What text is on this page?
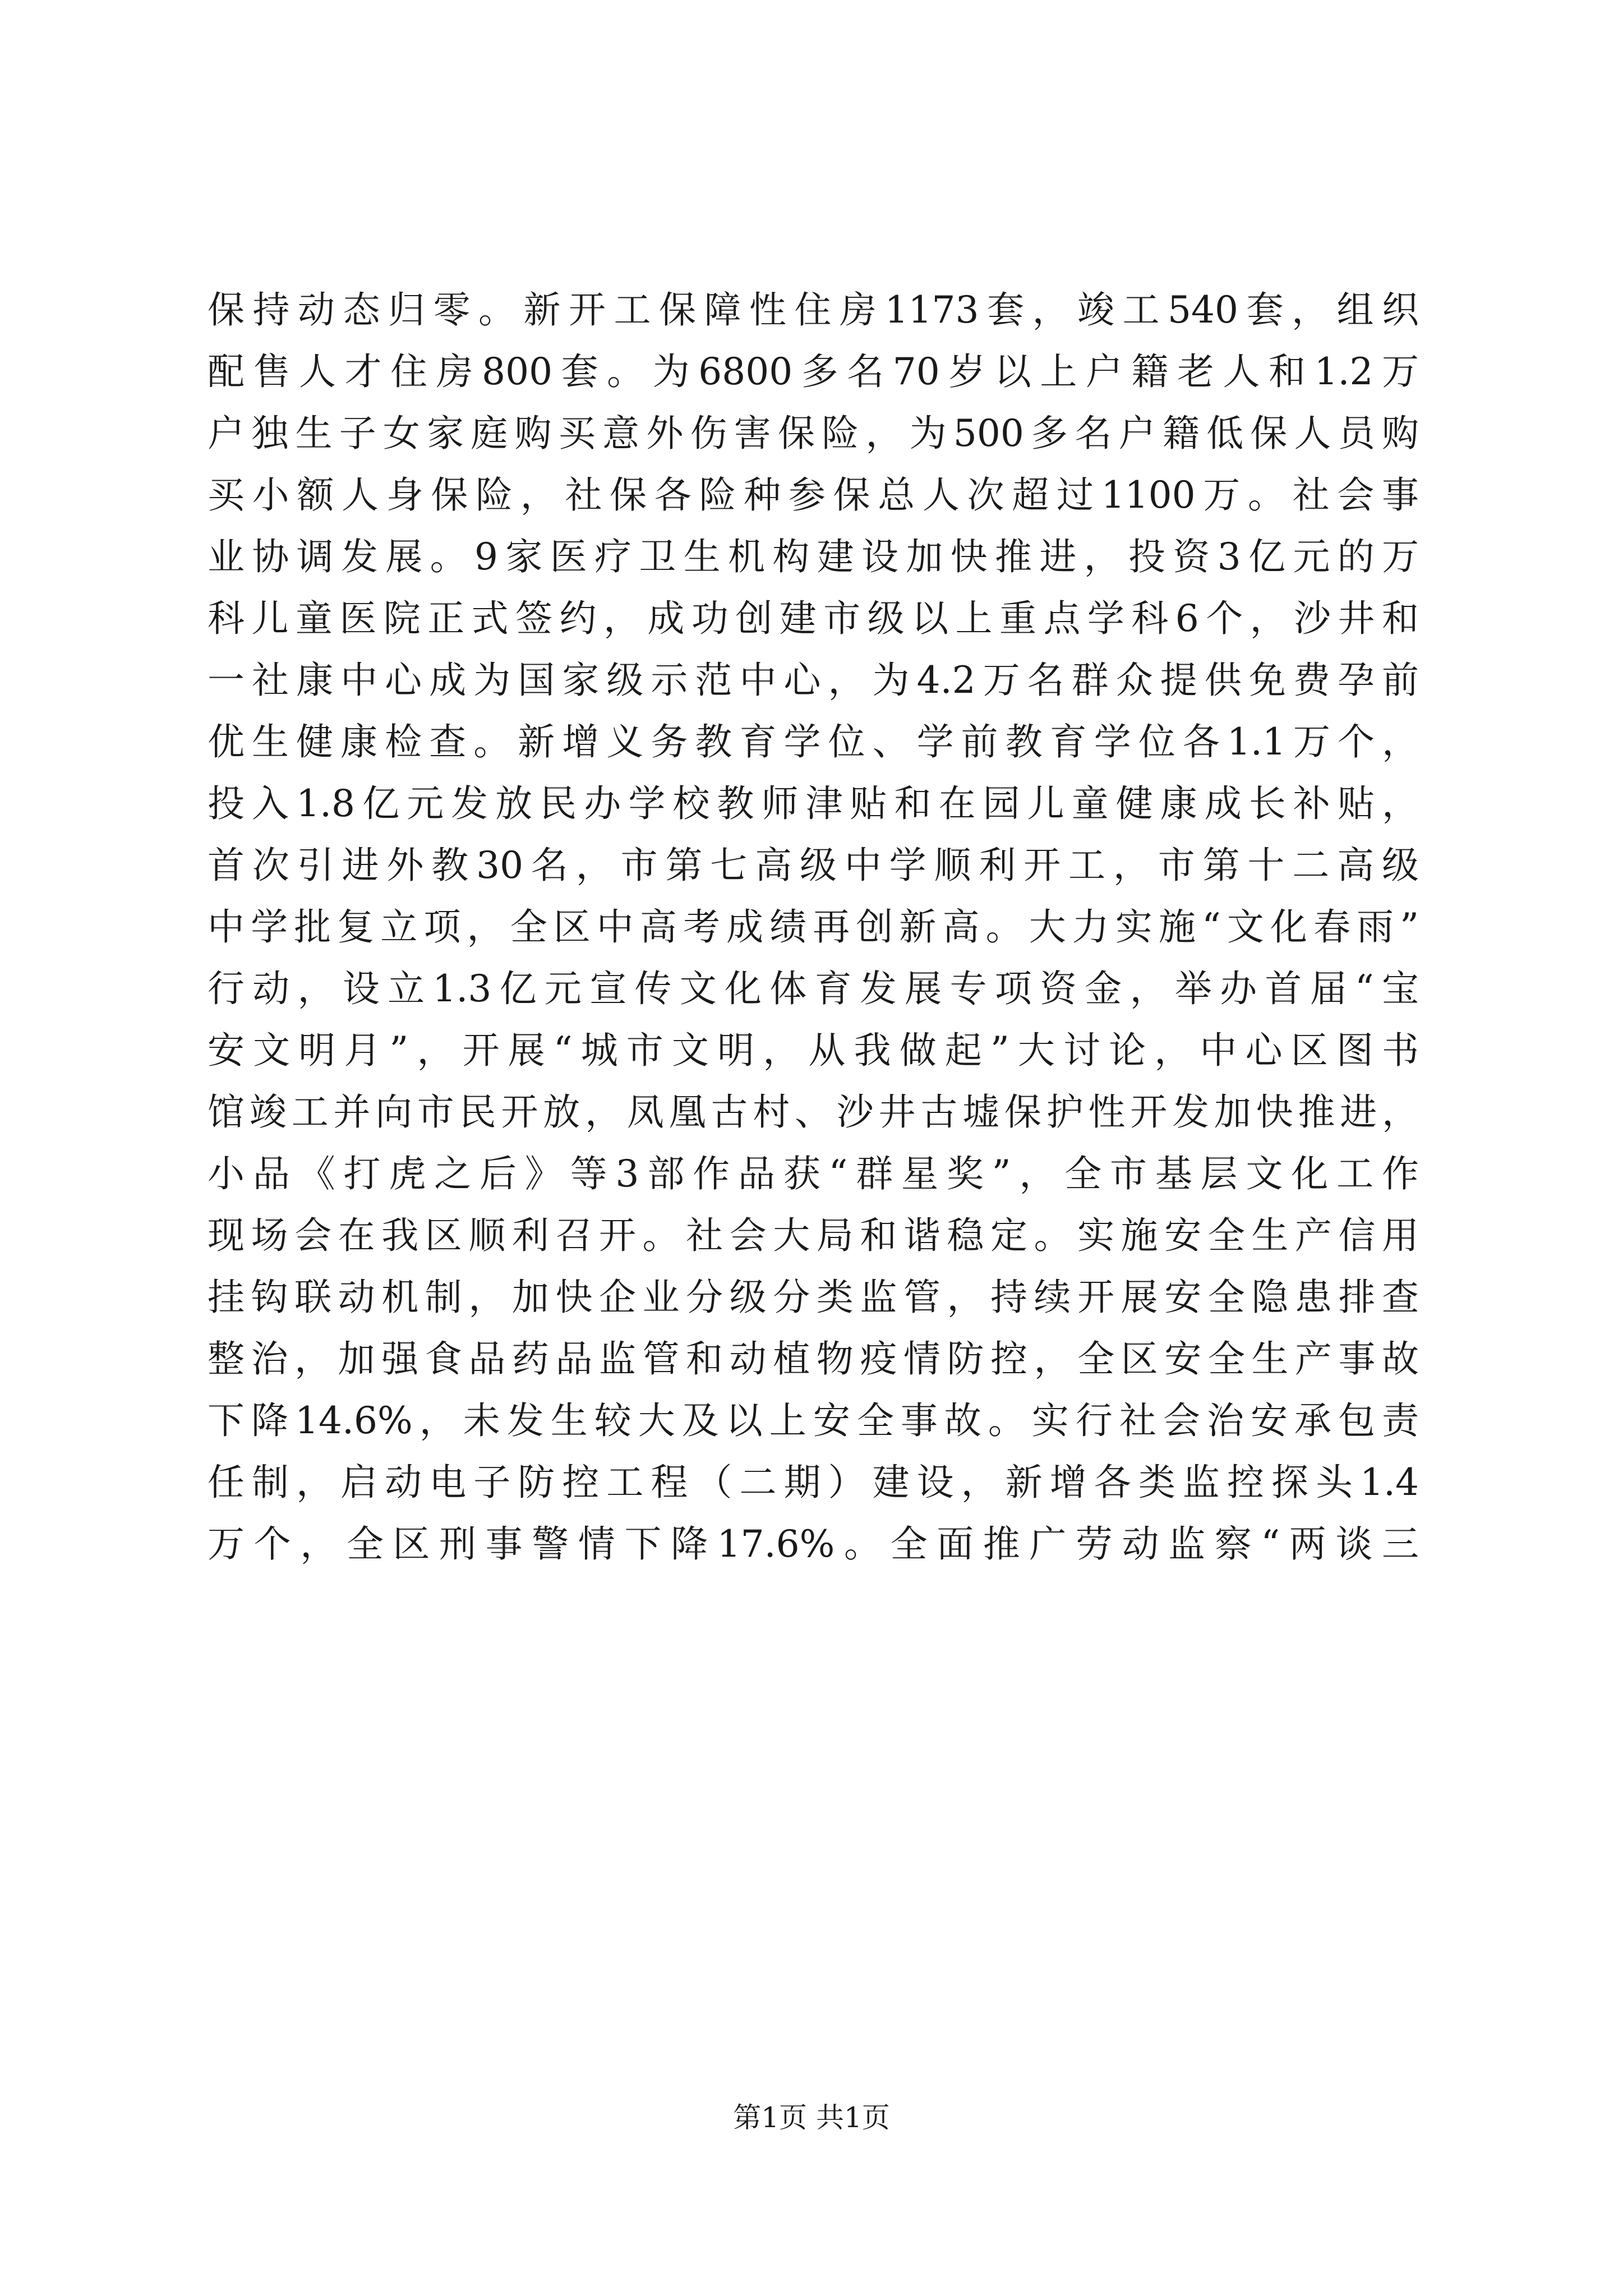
保持动态归零。新开工保障性住房1173套，竣工540套，组织
配售人才住房800套。为6800多名70岁以上户籍老人和1.2万
户独生子女家庭购买意外伤害保险，为500多名户籍低保人员购
买小额人身保险，社保各险种参保总人次超过1100万。社会事
业协调发展。9家医疗卫生机构建设加快推进，投资3亿元的万
科儿童医院正式签约，成功创建市级以上重点学科6个，沙井和
一社康中心成为国家级示范中心，为4.2万名群众提供免费孕前
优生健康检查。新增义务教育学位、学前教育学位各1.1万个，
投入1.8亿元发放民办学校教师津贴和在园儿童健康成长补贴，
首次引进外教30名，市第七高级中学顺利开工，市第十二高级
中学批复立项，全区中高考成绩再创新高。大力实施“文化春雨”
行动，设立1.3亿元宣传文化体育发展专项资金，举办首届“宝
安文明月”，开展“城市文明，从我做起”大讨论，中心区图书
馆竣工并向市民开放，凤凰古村、沙井古墟保护性开发加快推进，
小品《打虎之后》等3部作品获“群星奖”，全市基层文化工作
现场会在我区顺利召开。社会大局和谐稳定。实施安全生产信用
挂钩联动机制，加快企业分级分类监管，持续开展安全隐患排查
整治，加强食品药品监管和动植物疫情防控，全区安全生产事故
下降14.6%，未发生较大及以上安全事故。实行社会治安承包责
任制，启动电子防控工程（二期）建设，新增各类监控探头1.4
万个，全区刑事警情下降17.6%。全面推广劳动监察“两谈三
第1页 共1页
